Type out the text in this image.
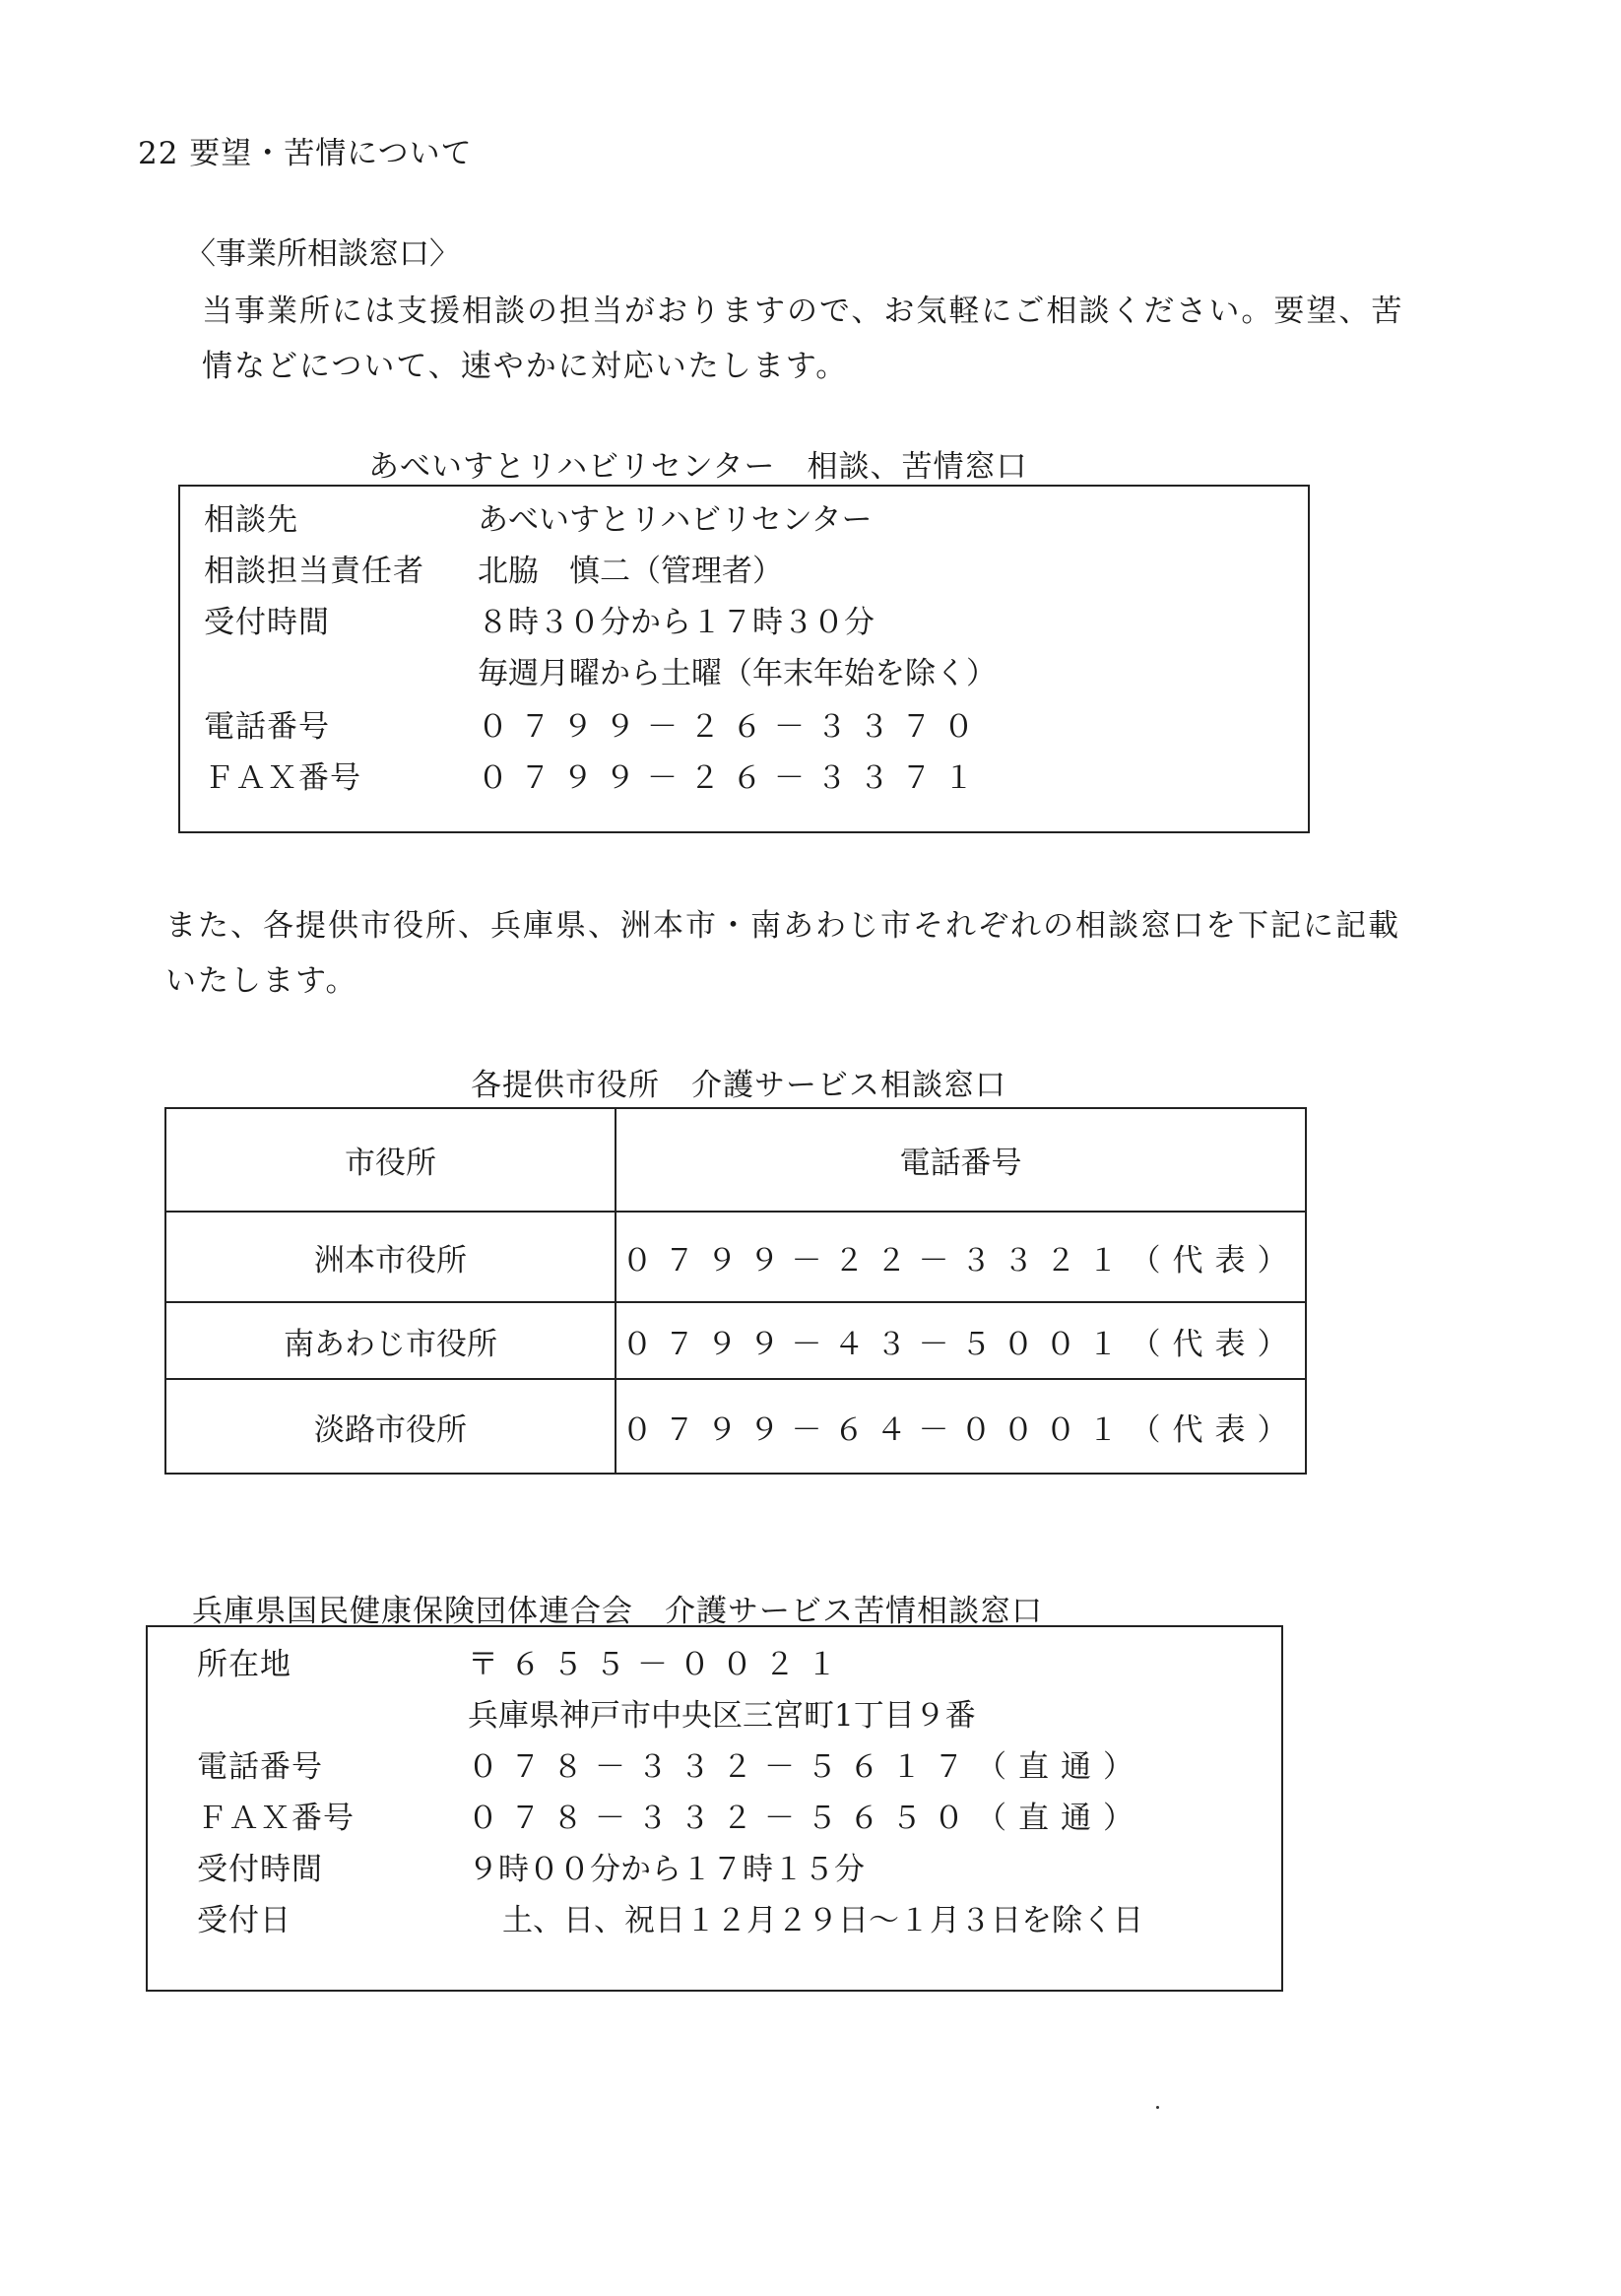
22 要望・苦情について
〈事業所相談窓口〉
当事業所には支援相談の担当がおりますので、お気軽にご相談ください。要望、苦
情などについて、速やかに対応いたします。
あべいすとリハビリセンター　相談、苦情窓口
相談先	あべいすとリハビリセンター
相談担当責任者 北脇　慎二（管理者）
受付時間	８時３０分から１７時３０分
毎週月曜から土曜（年末年始を除く）
電話番号	０７９９－２６－３３７０
ＦＡＸ番号	０７９９－２６－３３７１
また、各提供市役所、兵庫県、洲本市・南あわじ市それぞれの相談窓口を下記に記載
いたします。
各提供市役所　介護サービス相談窓口
市役所	電話番号
洲本市役所	０７９９－２２－３３２１（代表）
南あわじ市役所	０７９９－４３－５００１（代表）
淡路市役所	０７９９－６４－０００１（代表）
兵庫県国民健康保険団体連合会　介護サービス苦情相談窓口
所在地	〒６５５－００２１
兵庫県神戸市中央区三宮町1丁目９番
電話番号	０７８－３３２－５６１７（直通）
ＦＡＸ番号	０７８－３３２－５６５０（直通）
受付時間	９時００分から１７時１５分
受付日	土、日、祝日１２月２９日～１月３日を除く日
